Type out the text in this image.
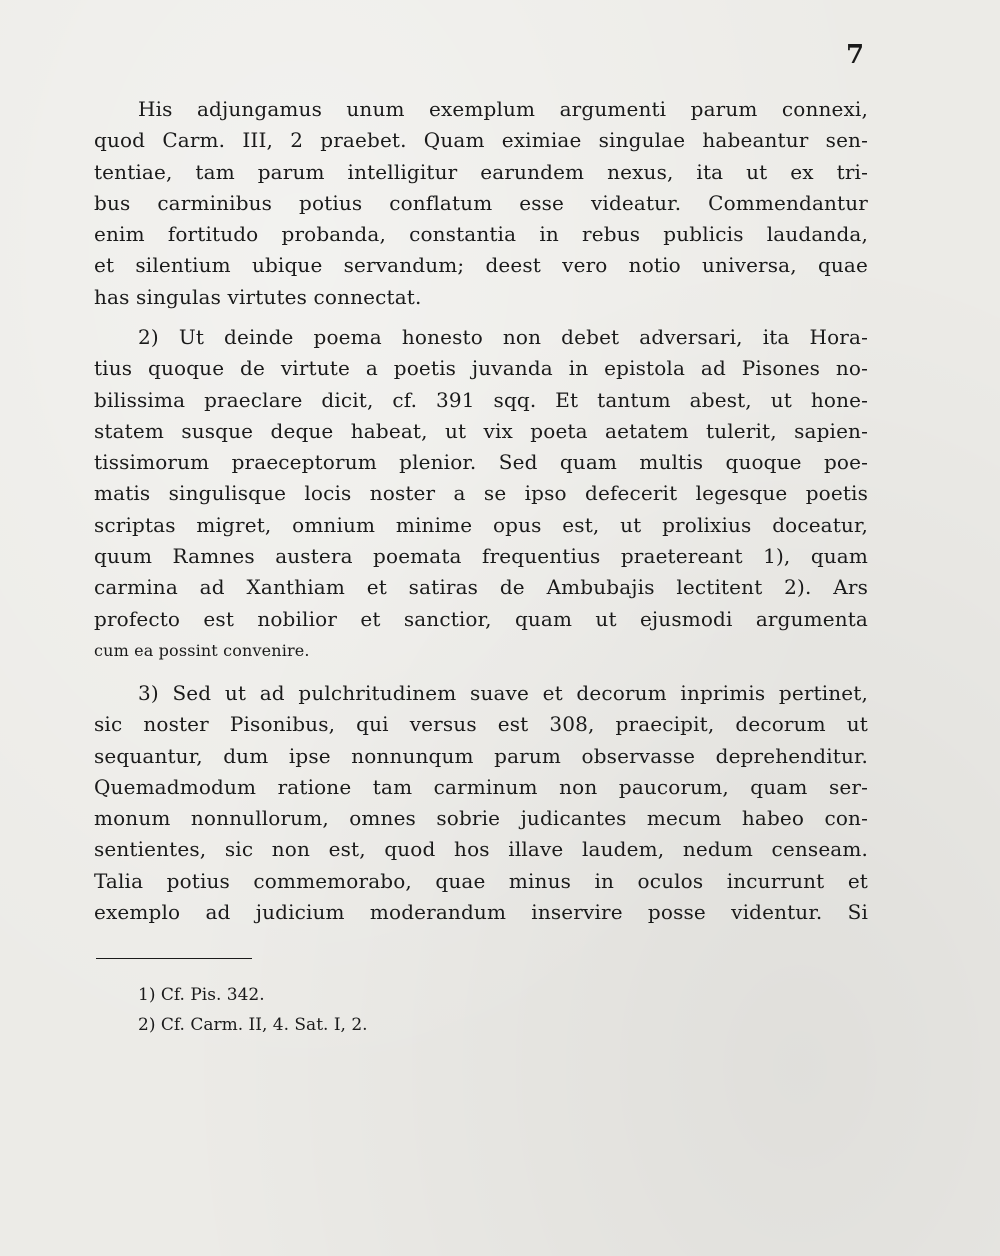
7
His adjungamus unum exemplum argumenti parum connexi,
quod Carm. III, 2 praebet. Quam eximiae singulae habeantur sen-
tentiae, tam parum intelligitur earundem nexus, ita ut ex tri-
bus carminibus potius conflatum esse videatur. Commendantur
enim fortitudo probanda, constantia in rebus publicis laudanda,
et silentium ubique servandum; deest vero notio universa, quae
has singulas virtutes connectat.
2) Ut deinde poema honesto non debet adversari, ita Hora-
tius quoque de virtute a poetis juvanda in epistola ad Pisones no-
bilissima praeclare dicit, cf. 391 sqq. Et tantum abest, ut hone-
statem susque deque habeat, ut vix poeta aetatem tulerit, sapien-
tissimorum praeceptorum plenior. Sed quam multis quoque poe-
matis singulisque locis noster a se ipso defecerit legesque poetis
scriptas migret, omnium minime opus est, ut prolixius doceatur,
quum Ramnes austera poemata frequentius praetereant 1), quam
carmina ad Xanthiam et satiras de Ambubajis lectitent 2). Ars
profecto est nobilior et sanctior, quam ut ejusmodi argumenta
cum ea possint convenire.
3) Sed ut ad pulchritudinem suave et decorum inprimis pertinet,
sic noster Pisonibus, qui versus est 308, praecipit, decorum ut
sequantur, dum ipse nonnunqum parum observasse deprehenditur.
Quemadmodum ratione tam carminum non paucorum, quam ser-
monum nonnullorum, omnes sobrie judicantes mecum habeo con-
sentientes, sic non est, quod hos illave laudem, nedum censeam.
Talia potius commemorabo, quae minus in oculos incurrunt et
exemplo ad judicium moderandum inservire posse videntur. Si
1) Cf. Pis. 342.
2) Cf. Carm. II, 4. Sat. I, 2.
